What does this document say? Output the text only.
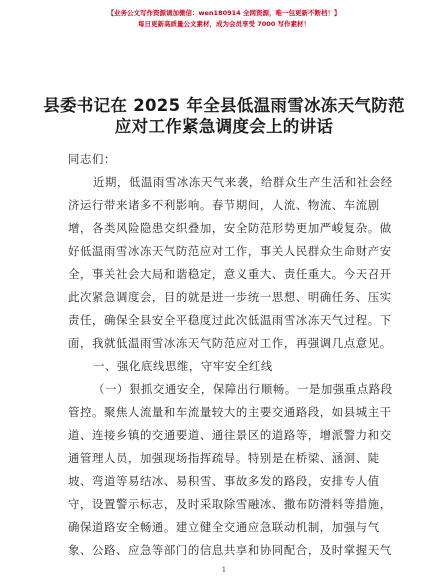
【业务公文写作资源请加微信：wen180914 全网资源，唯一包更新不断档！】
每日更新高质量公文素材，成为会员享受 7000 写作素材！
县委书记在 2025 年全县低温雨雪冰冻天气防范
应对工作紧急调度会上的讲话
同志们：
近期，低温雨雪冰冻天气来袭，给群众生产生活和社会经
济运行带来诸多不利影响。春节期间，人流、物流、车流剧
增，各类风险隐患交织叠加，安全防范形势更加严峻复杂。做
好低温雨雪冰冻天气防范应对工作，事关人民群众生命财产安
全，事关社会大局和谐稳定，意义重大、责任重大。今天召开
此次紧急调度会，目的就是进一步统一思想、明确任务、压实
责任，确保全县安全平稳度过此次低温雨雪冰冻天气过程。下
面，我就低温雨雪冰冻天气防范应对工作，再强调几点意见。
一、强化底线思维，守牢安全红线
（一）狠抓交通安全，保障出行顺畅。一是加强重点路段
管控。聚焦人流量和车流量较大的主要交通路段，如县城主干
道、连接乡镇的交通要道、通往景区的道路等，增派警力和交
通管理人员，加强现场指挥疏导。特别是在桥梁、涵洞、陡
坡、弯道等易结冰、易积雪、事故多发的路段，安排专人值
守，设置警示标志，及时采取除雪融冰、撒布防滑料等措施，
确保道路安全畅通。建立健全交通应急联动机制，加强与气
象、公路、应急等部门的信息共享和协同配合，及时掌握天气
1
